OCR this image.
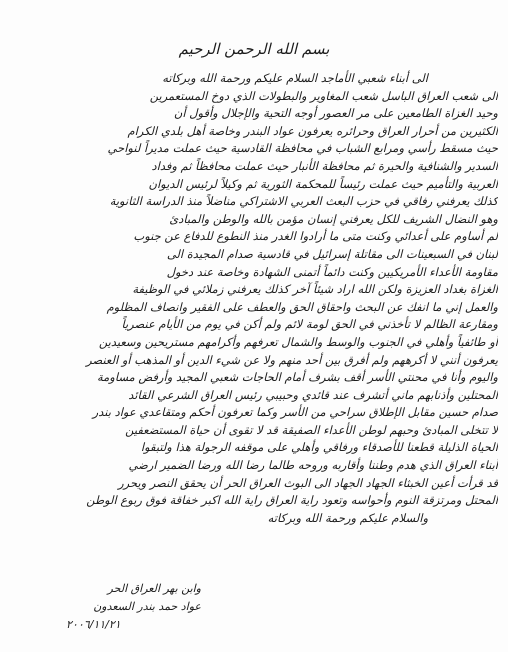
بسم الله الرحمن الرحيم
الى أبناء شعبي الأماجد السلام عليكم ورحمة الله وبركاته
الى شعب العراق الباسل شعب المغاوير والبطولات الذي دوخ المستعمرين
وحيد الغزاة الطامعين على مر العصور أوجه التحية والإجلال وأقول أن
الكثيرين من أحرار العراق وحرائره يعرفون عواد البندر وخاصة أهل بلدي الكرام
حيث مسقط رأسي ومرابع الشباب في محافظة القادسية حيث عملت مديراً لنواحي
السدير والشنافية والحيرة ثم محافظة الأنبار حيث عملت محافظاً ثم وفداد
العربية والتأميم حيث عملت رئيساً للمحكمة الثورية ثم وكيلاً لرئيس الديوان
كذلك يعرفني رفاقي في حزب البعث العربي الاشتراكي مناضلاً منذ الدراسة الثانوية
وهو النضال الشريف للكل يعرفني إنسان مؤمن بالله والوطن والمبادئ
لم أساوم على أعدائي وكنت متى ما أرادوا الغدر منذ النطوع للدفاع عن جنوب
لبنان في السبعينات الى مقاتلة إسرائيل في قادسية صدام المجيدة الى
مقاومة الأعداء الأمريكيين وكنت دائماً أتمنى الشهادة وخاصة عند دخول
الغزاة بغداد العزيزة ولكن الله اراد شيئاً آخر كذلك يعرفني زملائي في الوظيفة
والعمل إني ما انفك عن البحث واحقاق الحق والعطف على الفقير وانصاف المظلوم
ومقارعة الظالم لا تأخذني في الحق لومة لائم ولم أكن في يوم من الأيام عنصرياً
أو طائفياً وأهلي في الجنوب والوسط والشمال تعرفهم وأكرامهم مستريحين وسعيدين
يعرفون أنني لا أكرههم ولم أفرق بين أحد منهم ولا عن شيء الدين أو المذهب أو العنصر
واليوم وأنا في محنتي الأسر أقف بشرف أمام الحاجات شعبي المجيد وأرفض مساومة
المحتلين وأذنابهم ماني أتشرف عند قائدي وحبيبي رئيس العراق الشرعي القائد
صدام حسين مقابل الإطلاق سراحي من الأسر وكما تعرفون أحكم ومتقاعدي عواد بندر
لا تتخلى المبادئ وحبهم لوطن الأعداء الصفيقة قد لا تقوى أن حياة المستضعفين
الحياة الذليلة قطعنا للأصدقاء ورفاقي وأهلي على موقفه الرجولة هذا ولتبقوا
أبناء العراق الذي هدم وطننا وأقاربه وروحه طالما رضا الله ورضا الضمير ارضي
قد قرأت أعين الخبثاء الجهاد الجهاد الى البوث العراق الحر أن يحقق النصر ويحرر
المحتل ومرتزقة النوم وأحواسه وتعود راية العراق راية الله اكبر خفاقة فوق ربوع الوطن
والسلام عليكم ورحمة الله وبركاته
وابن بهر العراق الحر
عواد حمد بندر السعدون
٢٠٠٦/١١/٢١
